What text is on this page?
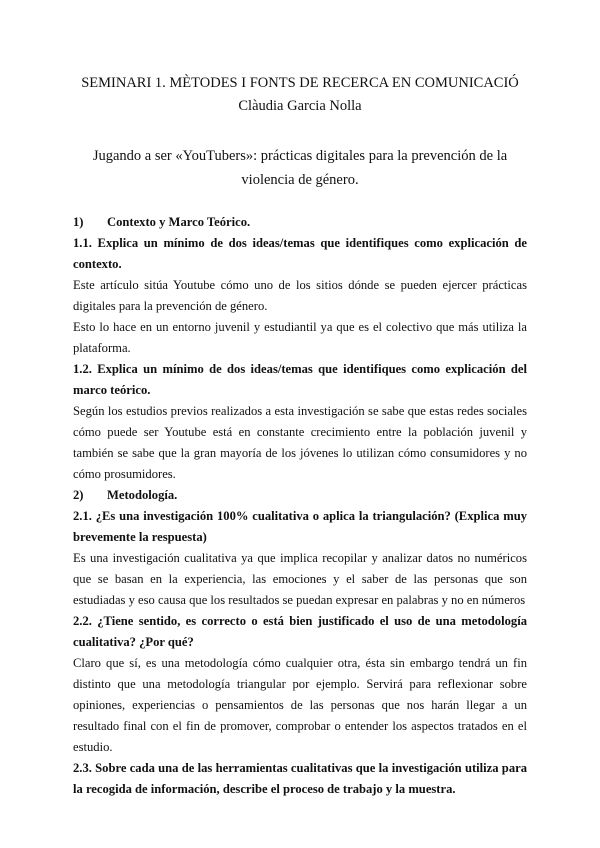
SEMINARI 1. MÈTODES I FONTS DE RECERCA EN COMUNICACIÓ
Clàudia Garcia Nolla
Jugando a ser «YouTubers»: prácticas digitales para la prevención de la
violencia de género.

1) Contexto y Marco Teórico.

1.1. Explica un mínimo de dos ideas/temas que identifiques como explicación de contexto.

Este artículo sitúa Youtube cómo uno de los sitios dónde se pueden ejercer prácticas digitales para la prevención de género.

Esto lo hace en un entorno juvenil y estudiantil ya que es el colectivo que más utiliza la plataforma.

1.2. Explica un mínimo de dos ideas/temas que identifiques como explicación del marco teórico.

Según los estudios previos realizados a esta investigación se sabe que estas redes sociales cómo puede ser Youtube está en constante crecimiento entre la población juvenil y también se sabe que la gran mayoría de los jóvenes lo utilizan cómo consumidores y no cómo prosumidores.

2) Metodología.

2.1. ¿Es una investigación 100% cualitativa o aplica la triangulación? (Explica muy brevemente la respuesta)

Es una investigación cualitativa ya que implica recopilar y analizar datos no numéricos que se basan en la experiencia, las emociones y el saber de las personas que son estudiadas y eso causa que los resultados se puedan expresar en palabras y no en números

2.2. ¿Tiene sentido, es correcto o está bien justificado el uso de una metodología cualitativa? ¿Por qué?

Claro que sí, es una metodología cómo cualquier otra, ésta sin embargo tendrá un fin distinto que una metodología triangular por ejemplo. Servirá para reflexionar sobre opiniones, experiencias o pensamientos de las personas que nos harán llegar a un resultado final con el fin de promover, comprobar o entender los aspectos tratados en el estudio.

2.3. Sobre cada una de las herramientas cualitativas que la investigación utiliza para la recogida de información, describe el proceso de trabajo y la muestra.
